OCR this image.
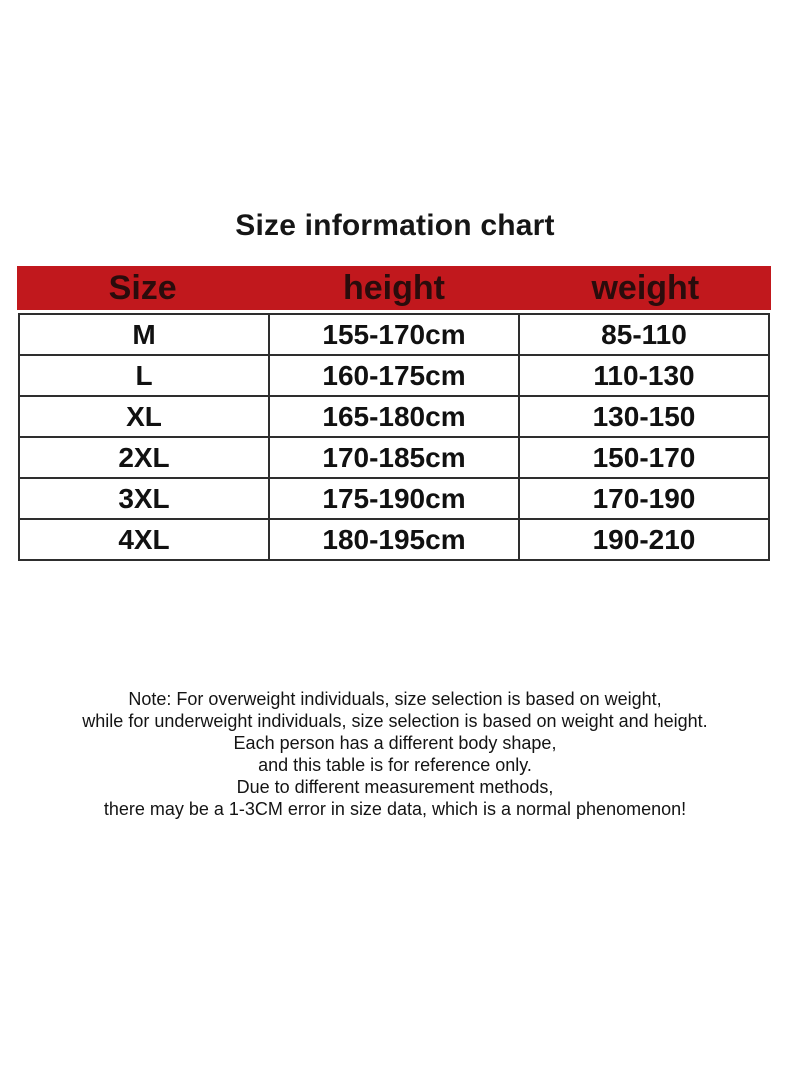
Size information chart
Size	height	weight
M	155-170cm	85-110
L	160-175cm	110-130
XL	165-180cm	130-150
2XL	170-185cm	150-170
3XL	175-190cm	170-190
4XL	180-195cm	190-210
Note: For overweight individuals, size selection is based on weight,
while for underweight individuals, size selection is based on weight and height.
Each person has a different body shape,
and this table is for reference only.
Due to different measurement methods,
there may be a 1-3CM error in size data, which is a normal phenomenon!
